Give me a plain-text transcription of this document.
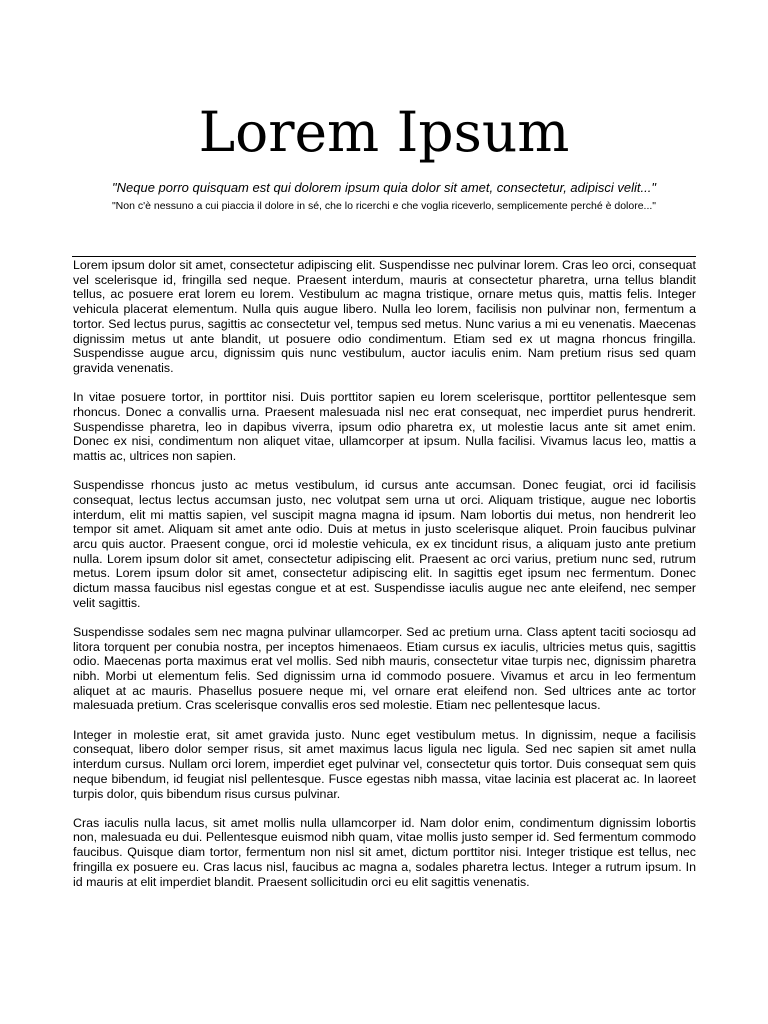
Lorem Ipsum

"Neque porro quisquam est qui dolorem ipsum quia dolor sit amet, consectetur, adipisci velit..."

"Non c'è nessuno a cui piaccia il dolore in sé, che lo ricerchi e che voglia riceverlo, semplicemente perché è dolore..."

Lorem ipsum dolor sit amet, consectetur adipiscing elit. Suspendisse nec pulvinar lorem. Cras leo orci, consequat vel scelerisque id, fringilla sed neque. Praesent interdum, mauris at consectetur pharetra, urna tellus blandit tellus, ac posuere erat lorem eu lorem. Vestibulum ac magna tristique, ornare metus quis, mattis felis. Integer vehicula placerat elementum. Nulla quis augue libero. Nulla leo lorem, facilisis non pulvinar non, fermentum a tortor. Sed lectus purus, sagittis ac consectetur vel, tempus sed metus. Nunc varius a mi eu venenatis. Maecenas dignissim metus ut ante blandit, ut posuere odio condimentum. Etiam sed ex ut magna rhoncus fringilla. Suspendisse augue arcu, dignissim quis nunc vestibulum, auctor iaculis enim. Nam pretium risus sed quam gravida venenatis.

In vitae posuere tortor, in porttitor nisi. Duis porttitor sapien eu lorem scelerisque, porttitor pellentesque sem rhoncus. Donec a convallis urna. Praesent malesuada nisl nec erat consequat, nec imperdiet purus hendrerit. Suspendisse pharetra, leo in dapibus viverra, ipsum odio pharetra ex, ut molestie lacus ante sit amet enim. Donec ex nisi, condimentum non aliquet vitae, ullamcorper at ipsum. Nulla facilisi. Vivamus lacus leo, mattis a mattis ac, ultrices non sapien.

Suspendisse rhoncus justo ac metus vestibulum, id cursus ante accumsan. Donec feugiat, orci id facilisis consequat, lectus lectus accumsan justo, nec volutpat sem urna ut orci. Aliquam tristique, augue nec lobortis interdum, elit mi mattis sapien, vel suscipit magna magna id ipsum. Nam lobortis dui metus, non hendrerit leo tempor sit amet. Aliquam sit amet ante odio. Duis at metus in justo scelerisque aliquet. Proin faucibus pulvinar arcu quis auctor. Praesent congue, orci id molestie vehicula, ex ex tincidunt risus, a aliquam justo ante pretium nulla. Lorem ipsum dolor sit amet, consectetur adipiscing elit. Praesent ac orci varius, pretium nunc sed, rutrum metus. Lorem ipsum dolor sit amet, consectetur adipiscing elit. In sagittis eget ipsum nec fermentum. Donec dictum massa faucibus nisl egestas congue et at est. Suspendisse iaculis augue nec ante eleifend, nec semper velit sagittis.

Suspendisse sodales sem nec magna pulvinar ullamcorper. Sed ac pretium urna. Class aptent taciti sociosqu ad litora torquent per conubia nostra, per inceptos himenaeos. Etiam cursus ex iaculis, ultricies metus quis, sagittis odio. Maecenas porta maximus erat vel mollis. Sed nibh mauris, consectetur vitae turpis nec, dignissim pharetra nibh. Morbi ut elementum felis. Sed dignissim urna id commodo posuere. Vivamus et arcu in leo fermentum aliquet at ac mauris. Phasellus posuere neque mi, vel ornare erat eleifend non. Sed ultrices ante ac tortor malesuada pretium. Cras scelerisque convallis eros sed molestie. Etiam nec pellentesque lacus.

Integer in molestie erat, sit amet gravida justo. Nunc eget vestibulum metus. In dignissim, neque a facilisis consequat, libero dolor semper risus, sit amet maximus lacus ligula nec ligula. Sed nec sapien sit amet nulla interdum cursus. Nullam orci lorem, imperdiet eget pulvinar vel, consectetur quis tortor. Duis consequat sem quis neque bibendum, id feugiat nisl pellentesque. Fusce egestas nibh massa, vitae lacinia est placerat ac. In laoreet turpis dolor, quis bibendum risus cursus pulvinar.

Cras iaculis nulla lacus, sit amet mollis nulla ullamcorper id. Nam dolor enim, condimentum dignissim lobortis non, malesuada eu dui. Pellentesque euismod nibh quam, vitae mollis justo semper id. Sed fermentum commodo faucibus. Quisque diam tortor, fermentum non nisl sit amet, dictum porttitor nisi. Integer tristique est tellus, nec fringilla ex posuere eu. Cras lacus nisl, faucibus ac magna a, sodales pharetra lectus. Integer a rutrum ipsum. In id mauris at elit imperdiet blandit. Praesent sollicitudin orci eu elit sagittis venenatis.
